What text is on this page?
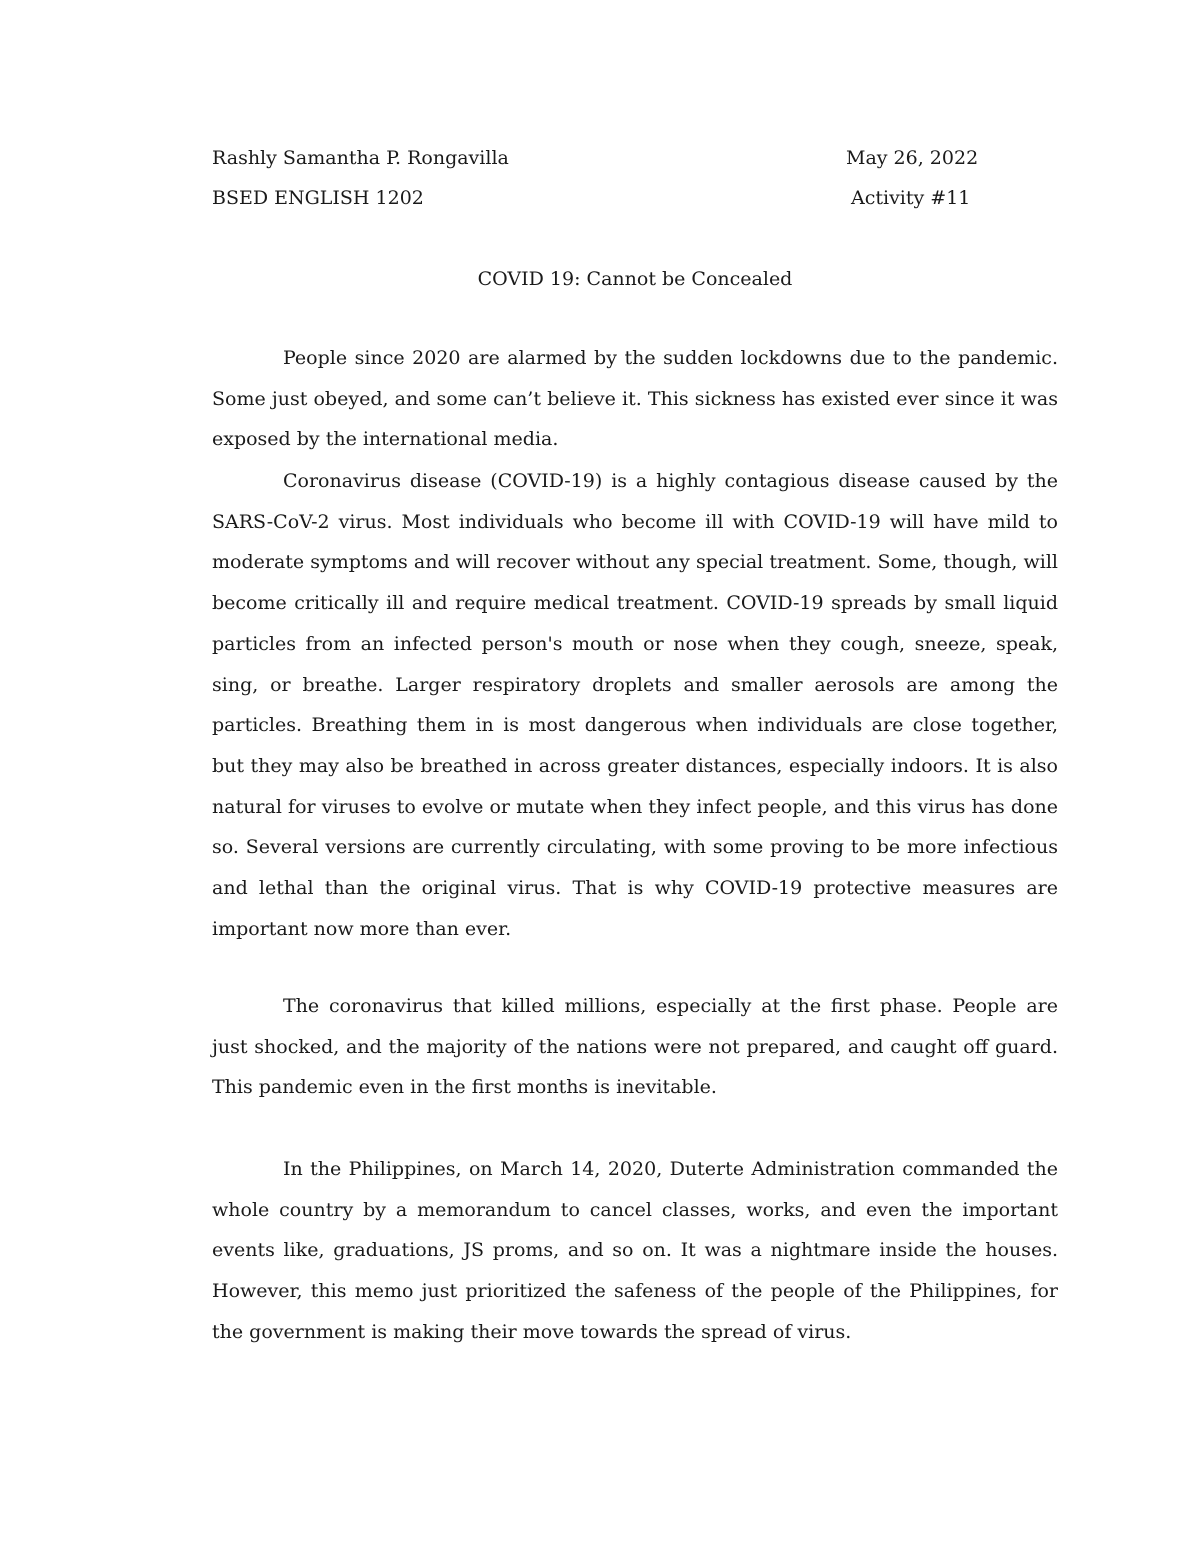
Rashly Samantha P. Rongavilla	May 26, 2022
BSED ENGLISH 1202	Activity #11
COVID 19: Cannot be Concealed

People since 2020 are alarmed by the sudden lockdowns due to the pandemic. Some just obeyed, and some can’t believe it. This sickness has existed ever since it was exposed by the international media.

Coronavirus disease (COVID-19) is a highly contagious disease caused by the SARS-CoV-2 virus. Most individuals who become ill with COVID-19 will have mild to moderate symptoms and will recover without any special treatment. Some, though, will become critically ill and require medical treatment. COVID-19 spreads by small liquid particles from an infected person's mouth or nose when they cough, sneeze, speak, sing, or breathe. Larger respiratory droplets and smaller aerosols are among the particles. Breathing them in is most dangerous when individuals are close together, but they may also be breathed in across greater distances, especially indoors. It is also natural for viruses to evolve or mutate when they infect people, and this virus has done so. Several versions are currently circulating, with some proving to be more infectious and lethal than the original virus. That is why COVID-19 protective measures are important now more than ever.

The coronavirus that killed millions, especially at the first phase. People are just shocked, and the majority of the nations were not prepared, and caught off guard. This pandemic even in the first months is inevitable.

In the Philippines, on March 14, 2020, Duterte Administration commanded the whole country by a memorandum to cancel classes, works, and even the important events like, graduations, JS proms, and so on. It was a nightmare inside the houses. However, this memo just prioritized the safeness of the people of the Philippines, for the government is making their move towards the spread of virus.
